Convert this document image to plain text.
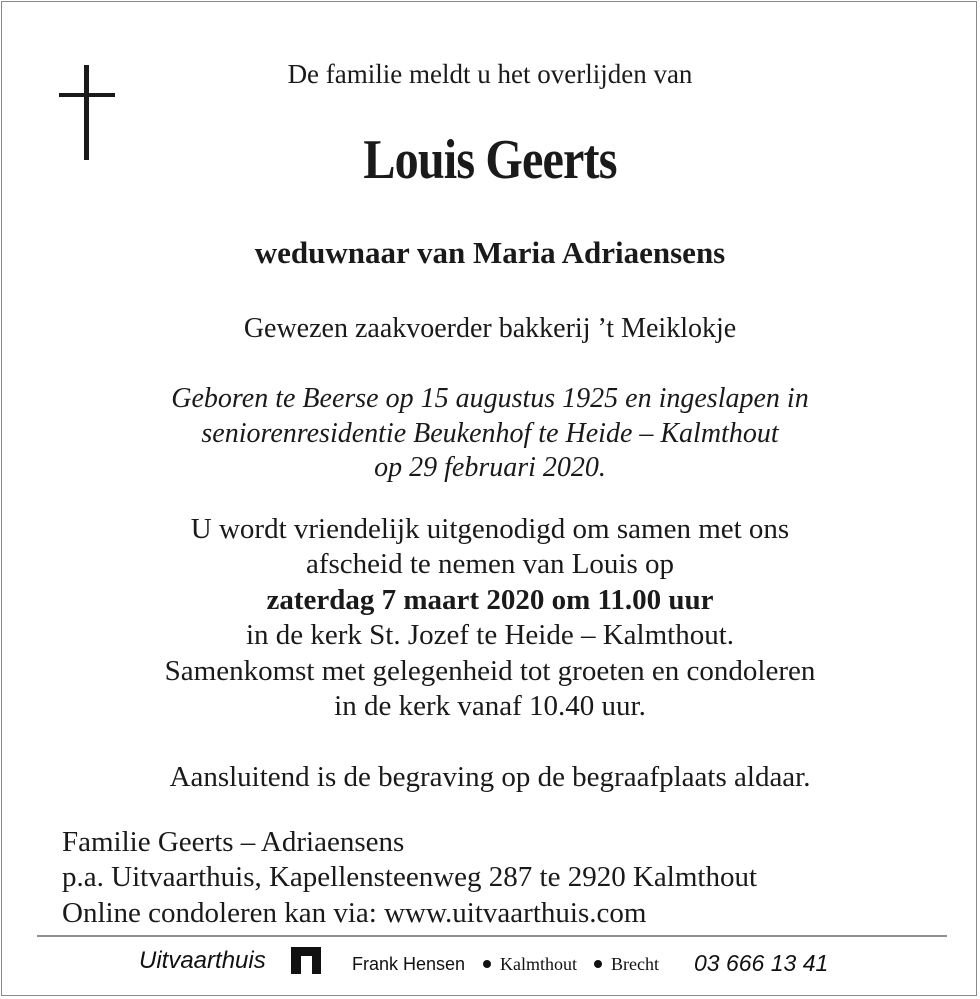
De familie meldt u het overlijden van
Louis Geerts
weduwnaar van Maria Adriaensens
Gewezen zaakvoerder bakkerij ’t Meiklokje
Geboren te Beerse op 15 augustus 1925 en ingeslapen in
seniorenresidentie Beukenhof te Heide – Kalmthout
op 29 februari 2020.
U wordt vriendelijk uitgenodigd om samen met ons
afscheid te nemen van Louis op
zaterdag 7 maart 2020 om 11.00 uur
in de kerk St. Jozef te Heide – Kalmthout.
Samenkomst met gelegenheid tot groeten en condoleren
in de kerk vanaf 10.40 uur.
Aansluitend is de begraving op de begraafplaats aldaar.
Familie Geerts – Adriaensens
p.a. Uitvaarthuis, Kapellensteenweg 287 te 2920 Kalmthout
Online condoleren kan via: www.uitvaarthuis.com
Uitvaarthuis	Frank Hensen Kalmthout Brecht 03 666 13 41
